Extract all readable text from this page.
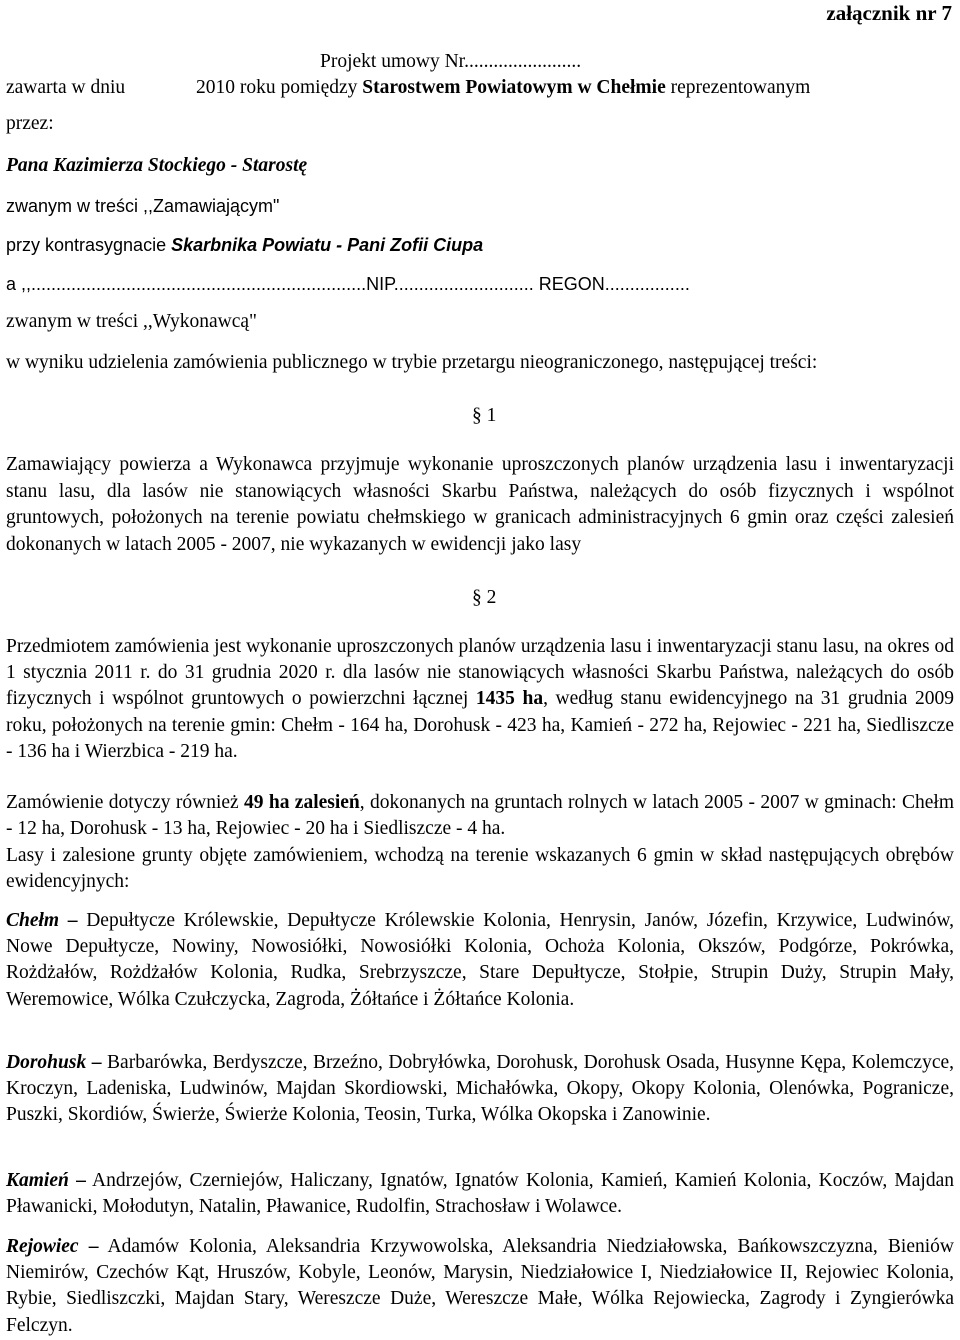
załącznik nr 7
Projekt umowy Nr........................
zawarta w dniu	2010 roku pomiędzy Starostwem Powiatowym w Chełmie reprezentowanym
przez:
Pana Kazimierza Stockiego - Starostę
zwanym w treści ,,Zamawiającym"
przy kontrasygnacie Skarbnika Powiatu - Pani Zofii Ciupa
a ,,...................................................................NIP............................ REGON.................
zwanym w treści ,,Wykonawcą"
w wyniku udzielenia zamówienia publicznego w trybie przetargu nieograniczonego, następującej treści:
§ 1
Zamawiający powierza a Wykonawca przyjmuje wykonanie uproszczonych planów urządzenia lasu i inwentaryzacji stanu lasu, dla lasów nie stanowiących własności Skarbu Państwa, należących do osób fizycznych i wspólnot gruntowych, położonych na terenie powiatu chełmskiego w granicach administracyjnych 6 gmin oraz części zalesień dokonanych w latach 2005 - 2007, nie wykazanych w ewidencji jako lasy
§ 2
Przedmiotem zamówienia jest wykonanie uproszczonych planów urządzenia lasu i inwentaryzacji stanu lasu, na okres od 1 stycznia 2011 r. do 31 grudnia 2020 r. dla lasów nie stanowiących własności Skarbu Państwa, należących do osób fizycznych i wspólnot gruntowych o powierzchni łącznej 1435 ha, według stanu ewidencyjnego na 31 grudnia 2009 roku, położonych na terenie gmin: Chełm - 164 ha, Dorohusk - 423 ha, Kamień - 272 ha, Rejowiec - 221 ha, Siedliszcze - 136 ha i Wierzbica - 219 ha.
Zamówienie dotyczy również 49 ha zalesień, dokonanych na gruntach rolnych w latach 2005 - 2007 w gminach: Chełm - 12 ha, Dorohusk - 13 ha, Rejowiec - 20 ha i Siedliszcze - 4 ha.
Lasy i zalesione grunty objęte zamówieniem, wchodzą na terenie wskazanych 6 gmin w skład następujących obrębów ewidencyjnych:
Chełm – Depułtycze Królewskie, Depułtycze Królewskie Kolonia, Henrysin, Janów, Józefin, Krzywice, Ludwinów, Nowe Depułtycze, Nowiny, Nowosiółki, Nowosiółki Kolonia, Ochoża Kolonia, Okszów, Podgórze, Pokrówka, Rożdżałów, Rożdżałów Kolonia, Rudka, Srebrzyszcze, Stare Depułtycze, Stołpie, Strupin Duży, Strupin Mały, Weremowice, Wólka Czułczycka, Zagroda, Żółtańce i Żółtańce Kolonia.
Dorohusk – Barbarówka, Berdyszcze, Brzeźno, Dobryłówka, Dorohusk, Dorohusk Osada, Husynne Kępa, Kolemczyce, Kroczyn, Ladeniska, Ludwinów, Majdan Skordiowski, Michałówka, Okopy, Okopy Kolonia, Olenówka, Pogranicze, Puszki, Skordiów, Świerże, Świerże Kolonia, Teosin, Turka, Wólka Okopska i Zanowinie.
Kamień – Andrzejów, Czerniejów, Haliczany, Ignatów, Ignatów Kolonia, Kamień, Kamień Kolonia, Koczów, Majdan Pławanicki, Mołodutyn, Natalin, Pławanice, Rudolfin, Strachosław i Wolawce.
Rejowiec – Adamów Kolonia, Aleksandria Krzywowolska, Aleksandria Niedziałowska, Bańkowszczyzna, Bieniów Niemirów, Czechów Kąt, Hruszów, Kobyle, Leonów, Marysin, Niedziałowice I, Niedziałowice II, Rejowiec Kolonia, Rybie, Siedliszczki, Majdan Stary, Wereszcze Duże, Wereszcze Małe, Wólka Rejowiecka, Zagrody i Zyngierówka Felczyn.
